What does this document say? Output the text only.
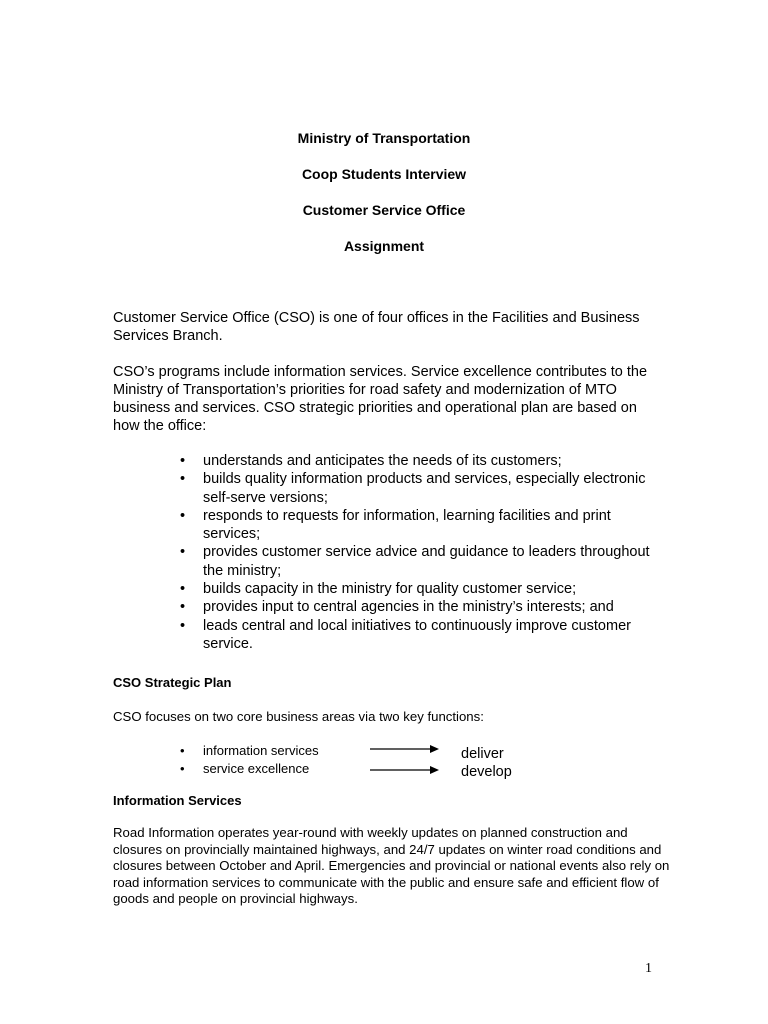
Ministry of Transportation
Coop Students Interview
Customer Service Office
Assignment
Customer Service Office (CSO) is one of four offices in the Facilities and Business Services Branch.
CSO’s programs include information services. Service excellence contributes to the Ministry of Transportation’s priorities for road safety and modernization of MTO business and services. CSO strategic priorities and operational plan are based on how the office:
• understands and anticipates the needs of its customers;
• builds quality information products and services, especially electronic self-serve versions;
• responds to requests for information, learning facilities and print services;
• provides customer service advice and guidance to leaders throughout the ministry;
• builds capacity in the ministry for quality customer service;
• provides input to central agencies in the ministry’s interests; and
• leads central and local initiatives to continuously improve customer service.
CSO Strategic Plan
CSO focuses on two core business areas via two key functions:
• information services	deliver
• service excellence	develop
Information Services
Road Information operates year-round with weekly updates on planned construction and closures on provincially maintained highways, and 24/7 updates on winter road conditions and closures between October and April. Emergencies and provincial or national events also rely on road information services to communicate with the public and ensure safe and efficient flow of goods and people on provincial highways.
1
